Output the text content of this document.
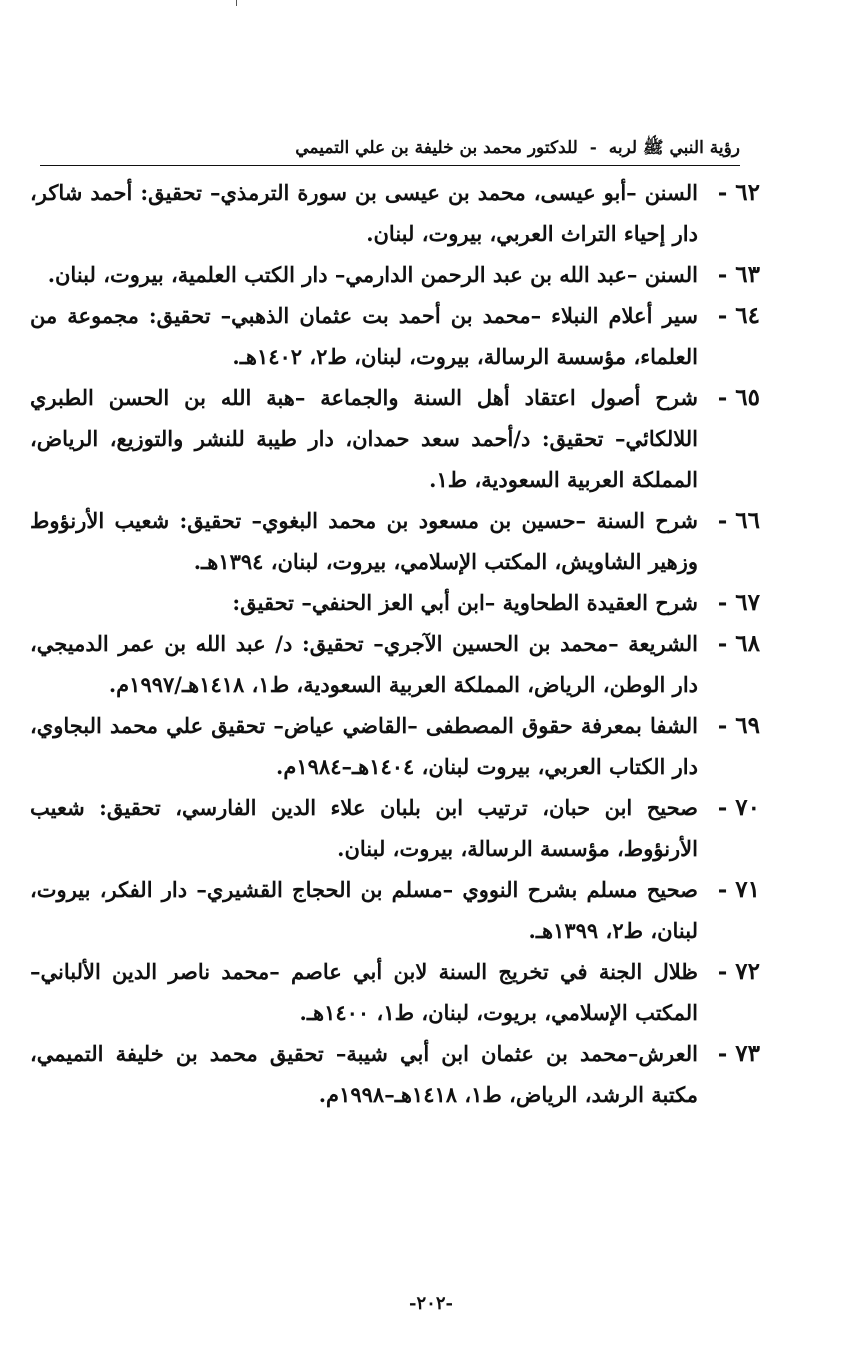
رؤية النبي ﷺ لربه - للدكتور محمد بن خليفة بن علي التميمي
٦٢ -
السنن –أبو عيسى، محمد بن عيسى بن سورة الترمذي– تحقيق: أحمد شاكر، دار إحياء التراث العربي، بيروت، لبنان.
٦٣ -
السنن –عبد الله بن عبد الرحمن الدارمي– دار الكتب العلمية، بيروت، لبنان.
٦٤ -
سير أعلام النبلاء –محمد بن أحمد بت عثمان الذهبي– تحقيق: مجموعة من العلماء، مؤسسة الرسالة، بيروت، لبنان، ط٢، ١٤٠٢هـ.
٦٥ -
شرح أصول اعتقاد أهل السنة والجماعة –هبة الله بن الحسن الطبري اللالكائي– تحقيق: د/أحمد سعد حمدان، دار طيبة للنشر والتوزيع، الرياض، المملكة العربية السعودية، ط١.
٦٦ -
شرح السنة –حسين بن مسعود بن محمد البغوي– تحقيق: شعيب الأرنؤوط وزهير الشاويش، المكتب الإسلامي، بيروت، لبنان، ١٣٩٤هـ.
٦٧ -
شرح العقيدة الطحاوية –ابن أبي العز الحنفي– تحقيق:
٦٨ -
الشريعة –محمد بن الحسين الآجري– تحقيق: د/ عبد الله بن عمر الدميجي، دار الوطن، الرياض، المملكة العربية السعودية، ط١، ١٤١٨هـ/١٩٩٧م.
٦٩ -
الشفا بمعرفة حقوق المصطفى –القاضي عياض– تحقيق علي محمد البجاوي، دار الكتاب العربي، بيروت لبنان، ١٤٠٤هـ–١٩٨٤م.
٧٠ -
صحيح ابن حبان، ترتيب ابن بلبان علاء الدين الفارسي، تحقيق: شعيب الأرنؤوط، مؤسسة الرسالة، بيروت، لبنان.
٧١ -
صحيح مسلم بشرح النووي –مسلم بن الحجاج القشيري– دار الفكر، بيروت، لبنان، ط٢، ١٣٩٩هـ.
٧٢ -
ظلال الجنة في تخريج السنة لابن أبي عاصم –محمد ناصر الدين الألباني– المكتب الإسلامي، بريوت، لبنان، ط١، ١٤٠٠هـ.
٧٣ -
العرش–محمد بن عثمان ابن أبي شيبة– تحقيق محمد بن خليفة التميمي، مكتبة الرشد، الرياض، ط١، ١٤١٨هـ–١٩٩٨م.
-٢٠٢-
